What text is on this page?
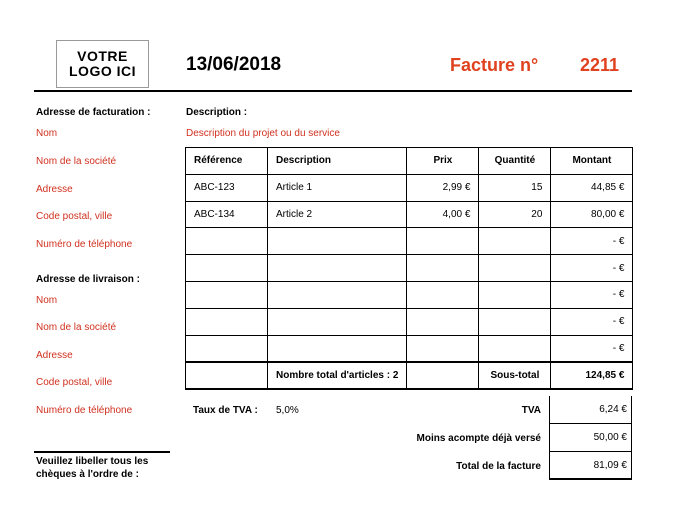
VOTRE LOGO ICI	13/06/2018	Facture n° 2211
Adresse de facturation :
Nom
Nom de la société
Adresse
Code postal, ville
Numéro de téléphone
Adresse de livraison :
Nom
Nom de la société
Adresse
Code postal, ville
Numéro de téléphone
Description :
Description du projet ou du service
Référence	Description	Prix	Quantité	Montant
ABC-123	Article 1	2,99 €	15	44,85 €
ABC-134	Article 2	4,00 €	20	80,00 €
				- €
				- €
				- €
				- €
				- €
	Nombre total d'articles : 2		Sous-total	124,85 €
Taux de TVA : 5,0%	TVA	6,24 €
Moins acompte déjà versé	50,00 €
Total de la facture	81,09 €
Veuillez libeller tous les chèques à l'ordre de :
